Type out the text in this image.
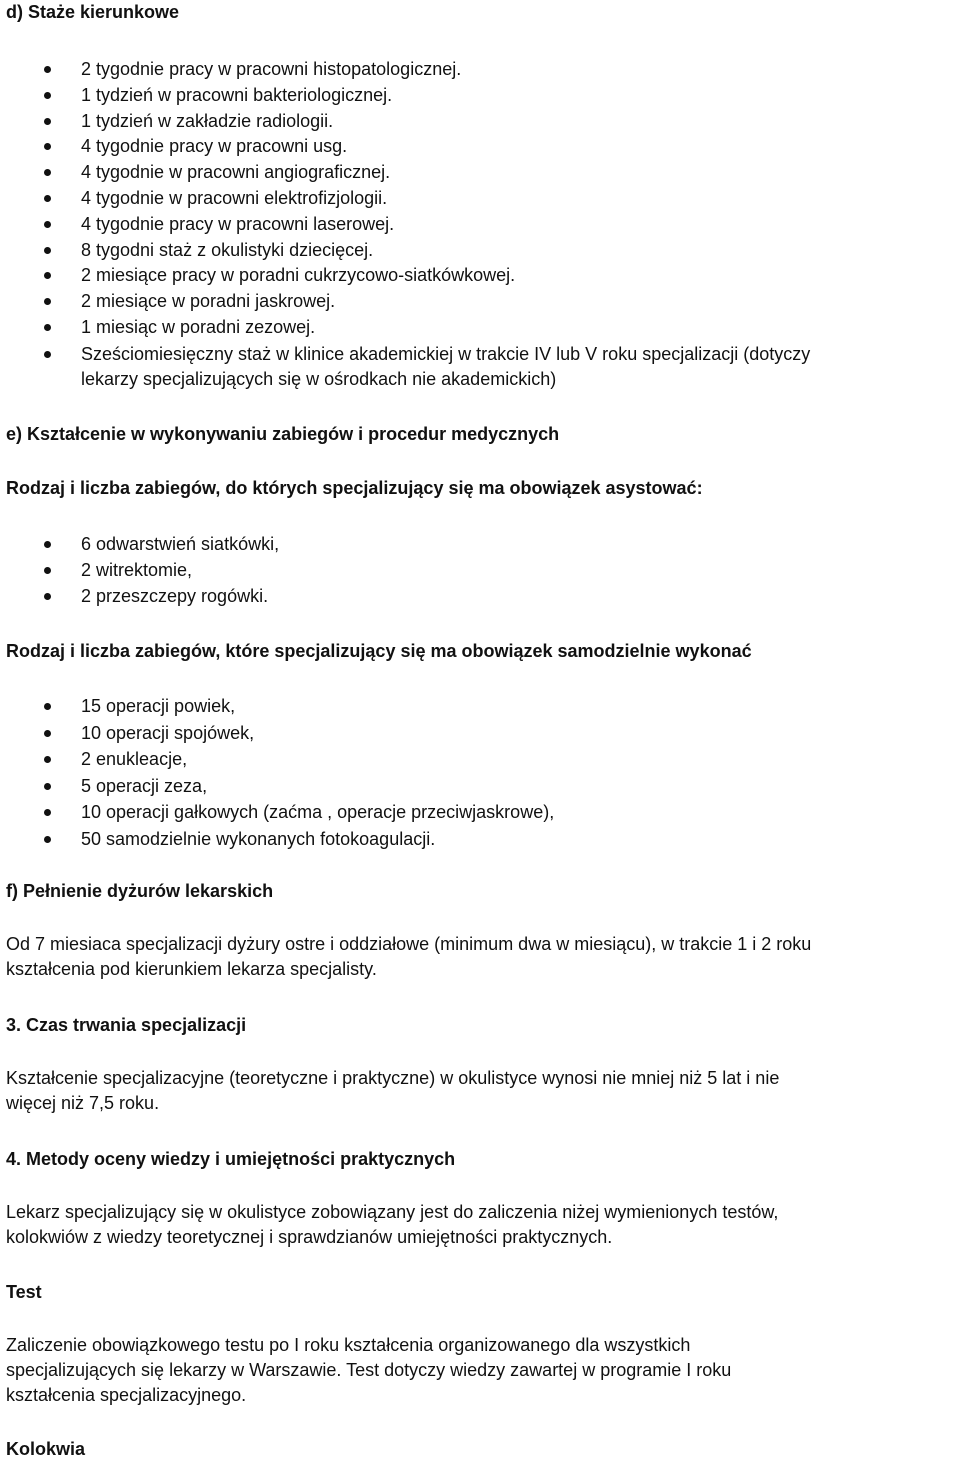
d) Staże kierunkowe

2 tygodnie pracy w pracowni histopatologicznej.
1 tydzień w pracowni bakteriologicznej.
1 tydzień w zakładzie radiologii.
4 tygodnie pracy w pracowni usg.
4 tygodnie w pracowni angiograficznej.
4 tygodnie w pracowni elektrofizjologii.
4 tygodnie pracy w pracowni laserowej.
8 tygodni staż z okulistyki dziecięcej.
2 miesiące pracy w poradni cukrzycowo-siatkówkowej.
2 miesiące w poradni jaskrowej.
1 miesiąc w poradni zezowej.
Sześciomiesięczny staż w klinice akademickiej w trakcie IV lub V roku specjalizacji (dotyczy
lekarzy specjalizujących się w ośrodkach nie akademickich)

e) Kształcenie w wykonywaniu zabiegów i procedur medycznych

Rodzaj i liczba zabiegów, do których specjalizujący się ma obowiązek asystować:

6 odwarstwień siatkówki,
2 witrektomie,
2 przeszczepy rogówki.

Rodzaj i liczba zabiegów, które specjalizujący się ma obowiązek samodzielnie wykonać

15 operacji powiek,
10 operacji spojówek,
2 enukleacje,
5 operacji zeza,
10 operacji gałkowych (zaćma , operacje przeciwjaskrowe),
50 samodzielnie wykonanych fotokoagulacji.

f) Pełnienie dyżurów lekarskich

Od 7 miesiaca specjalizacji dyżury ostre i oddziałowe (minimum dwa w miesiącu), w trakcie 1 i 2 roku
kształcenia pod kierunkiem lekarza specjalisty.

3. Czas trwania specjalizacji

Kształcenie specjalizacyjne (teoretyczne i praktyczne) w okulistyce wynosi nie mniej niż 5 lat i nie
więcej niż 7,5 roku.

4. Metody oceny wiedzy i umiejętności praktycznych

Lekarz specjalizujący się w okulistyce zobowiązany jest do zaliczenia niżej wymienionych testów,
kolokwiów z wiedzy teoretycznej i sprawdzianów umiejętności praktycznych.

Test

Zaliczenie obowiązkowego testu po I roku kształcenia organizowanego dla wszystkich
specjalizujących się lekarzy w Warszawie. Test dotyczy wiedzy zawartej w programie I roku
kształcenia specjalizacyjnego.

Kolokwia
